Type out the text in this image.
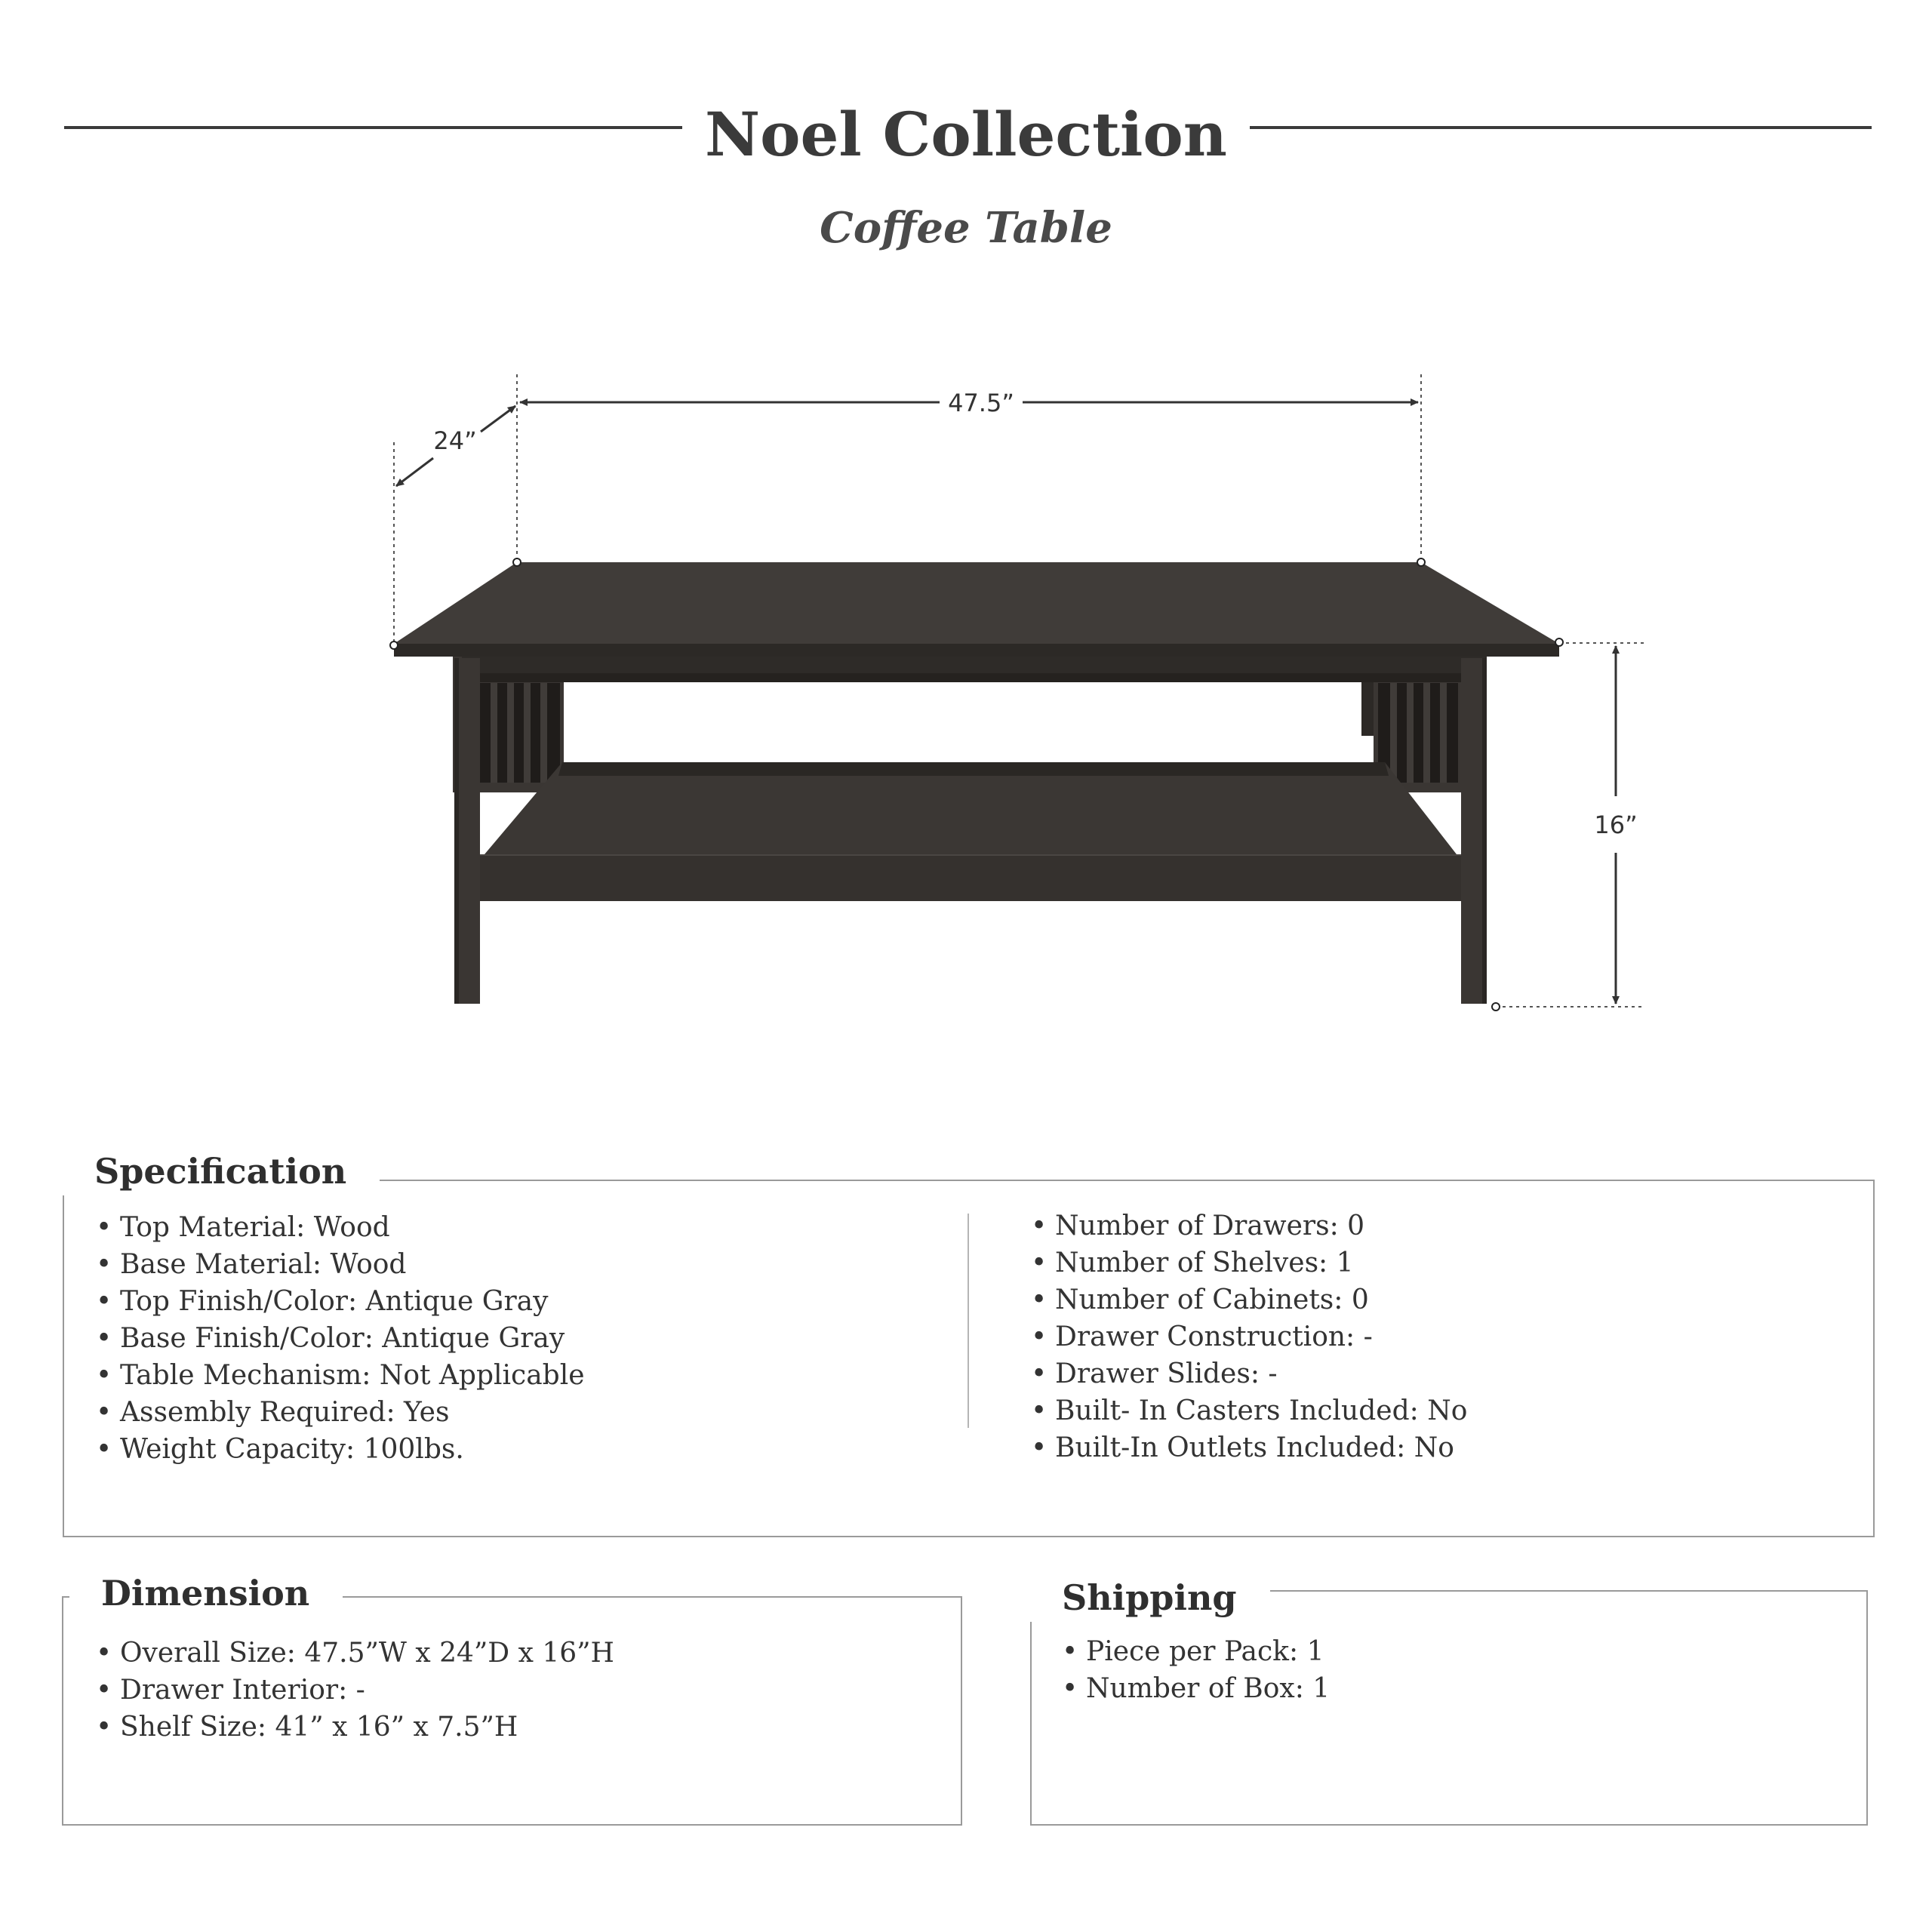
Noel Collection
Coffee Table
47.5”
24”
16”
Specification
• Top Material: Wood
• Base Material: Wood
• Top Finish/Color: Antique Gray
• Base Finish/Color: Antique Gray
• Table Mechanism: Not Applicable
• Assembly Required: Yes
• Weight Capacity: 100lbs.
• Number of Drawers: 0
• Number of Shelves: 1
• Number of Cabinets: 0
• Drawer Construction: -
• Drawer Slides: -
• Built- In Casters Included: No
• Built-In Outlets Included: No
Dimension
• Overall Size: 47.5”W x 24”D x 16”H
• Drawer Interior: -
• Shelf Size: 41” x 16” x 7.5”H
Shipping
• Piece per Pack: 1
• Number of Box: 1
